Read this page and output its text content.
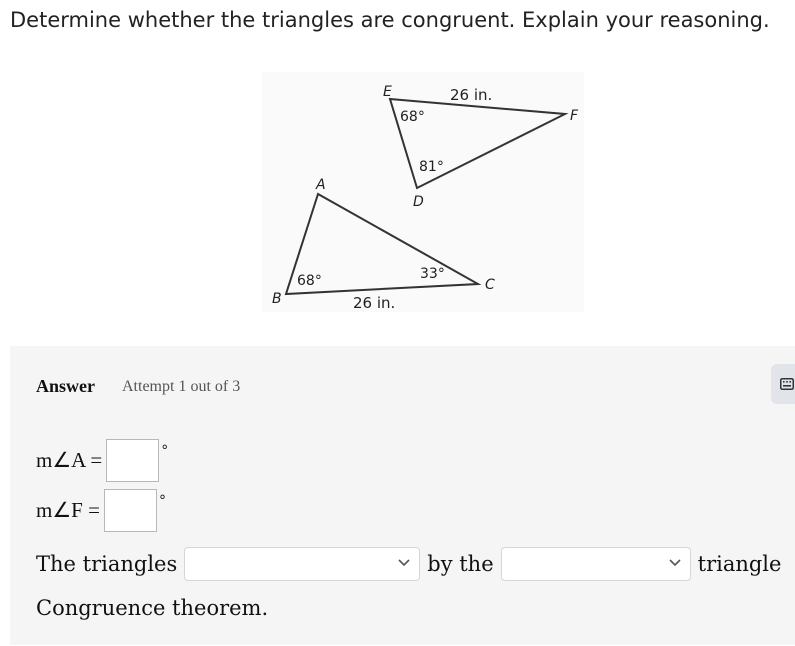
Determine whether the triangles are congruent. Explain your reasoning.
E
F
D
26 in.
68°
81°
A
B
C
26 in.
68°	33°
Answer Attempt 1 out of 3
m∠A =	°
m∠F =	°
The triangles	by the	triangle
Congruence theorem.
